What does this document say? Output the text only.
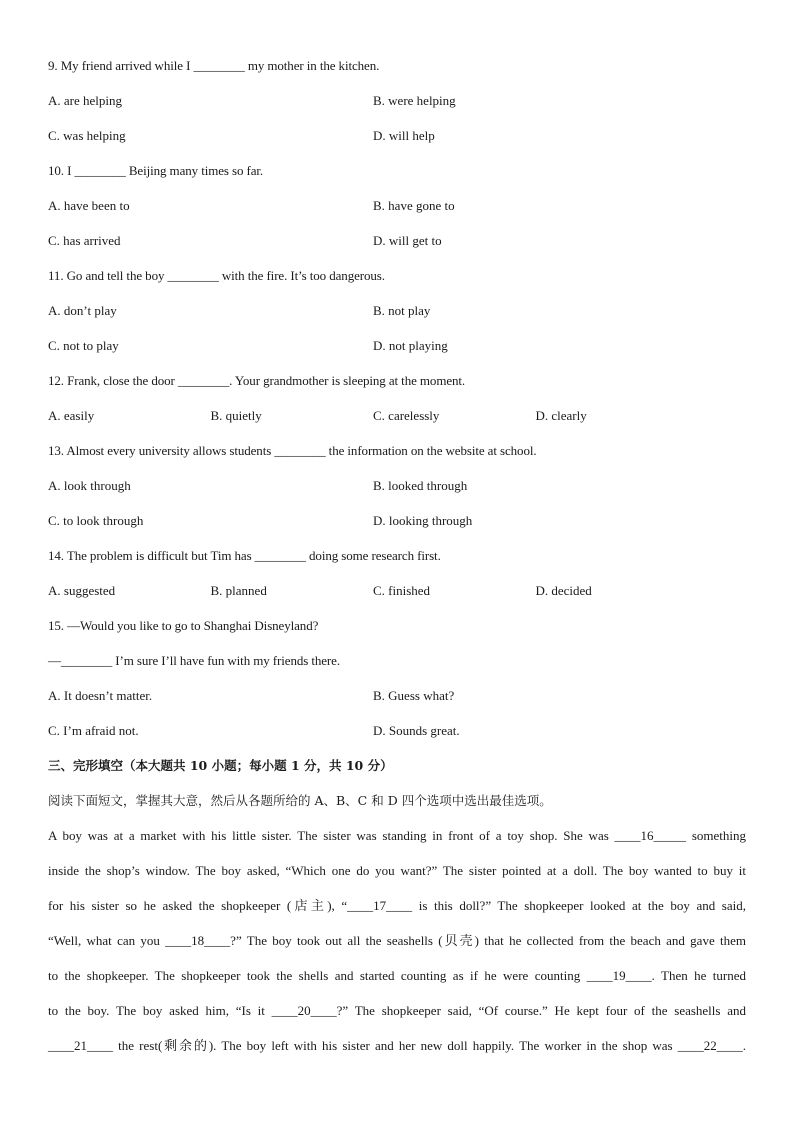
9. My friend arrived while I ________ my mother in the kitchen.
A. are helping	B. were helping
C. was helping	D. will help
10. I ________ Beijing many times so far.
A. have been to	B. have gone to
C. has arrived	D. will get to
11. Go and tell the boy ________ with the fire. It’s too dangerous.
A. don’t play	B. not play
C. not to play	D. not playing
12. Frank, close the door ________. Your grandmother is sleeping at the moment.
A. easily	B. quietly	C. carelessly	D. clearly
13. Almost every university allows students ________ the information on the website at school.
A. look through	B. looked through
C. to look through	D. looking through
14. The problem is difficult but Tim has ________ doing some research first.
A. suggested	B. planned	C. finished	D. decided
15. —Would you like to go to Shanghai Disneyland?
—________ I’m sure I’ll have fun with my friends there.
A. It doesn’t matter.	B. Guess what?
C. I’m afraid not.	D. Sounds great.
三、完形填空（本大题共 10 小题；每小题 1 分，共 10 分）
阅读下面短文，掌握其大意，然后从各题所给的 A、B、C 和 D 四个选项中选出最佳选项。
A boy was at a market with his little sister. The sister was standing in front of a toy shop. She was ____16_____ something
inside the shop’s window. The boy asked, “Which one do you want?” The sister pointed at a doll. The boy wanted to buy it
for his sister so he asked the shopkeeper (店主), “____17____ is this doll?” The shopkeeper looked at the boy and said,
“Well, what can you ____18____?” The boy took out all the seashells (贝壳) that he collected from the beach and gave them
to the shopkeeper. The shopkeeper took the shells and started counting as if he were counting ____19____. Then he turned
to the boy. The boy asked him, “Is it ____20____?” The shopkeeper said, “Of course.” He kept four of the seashells and
____21____ the rest(剩余的). The boy left with his sister and her new doll happily. The worker in the shop was ____22____.
